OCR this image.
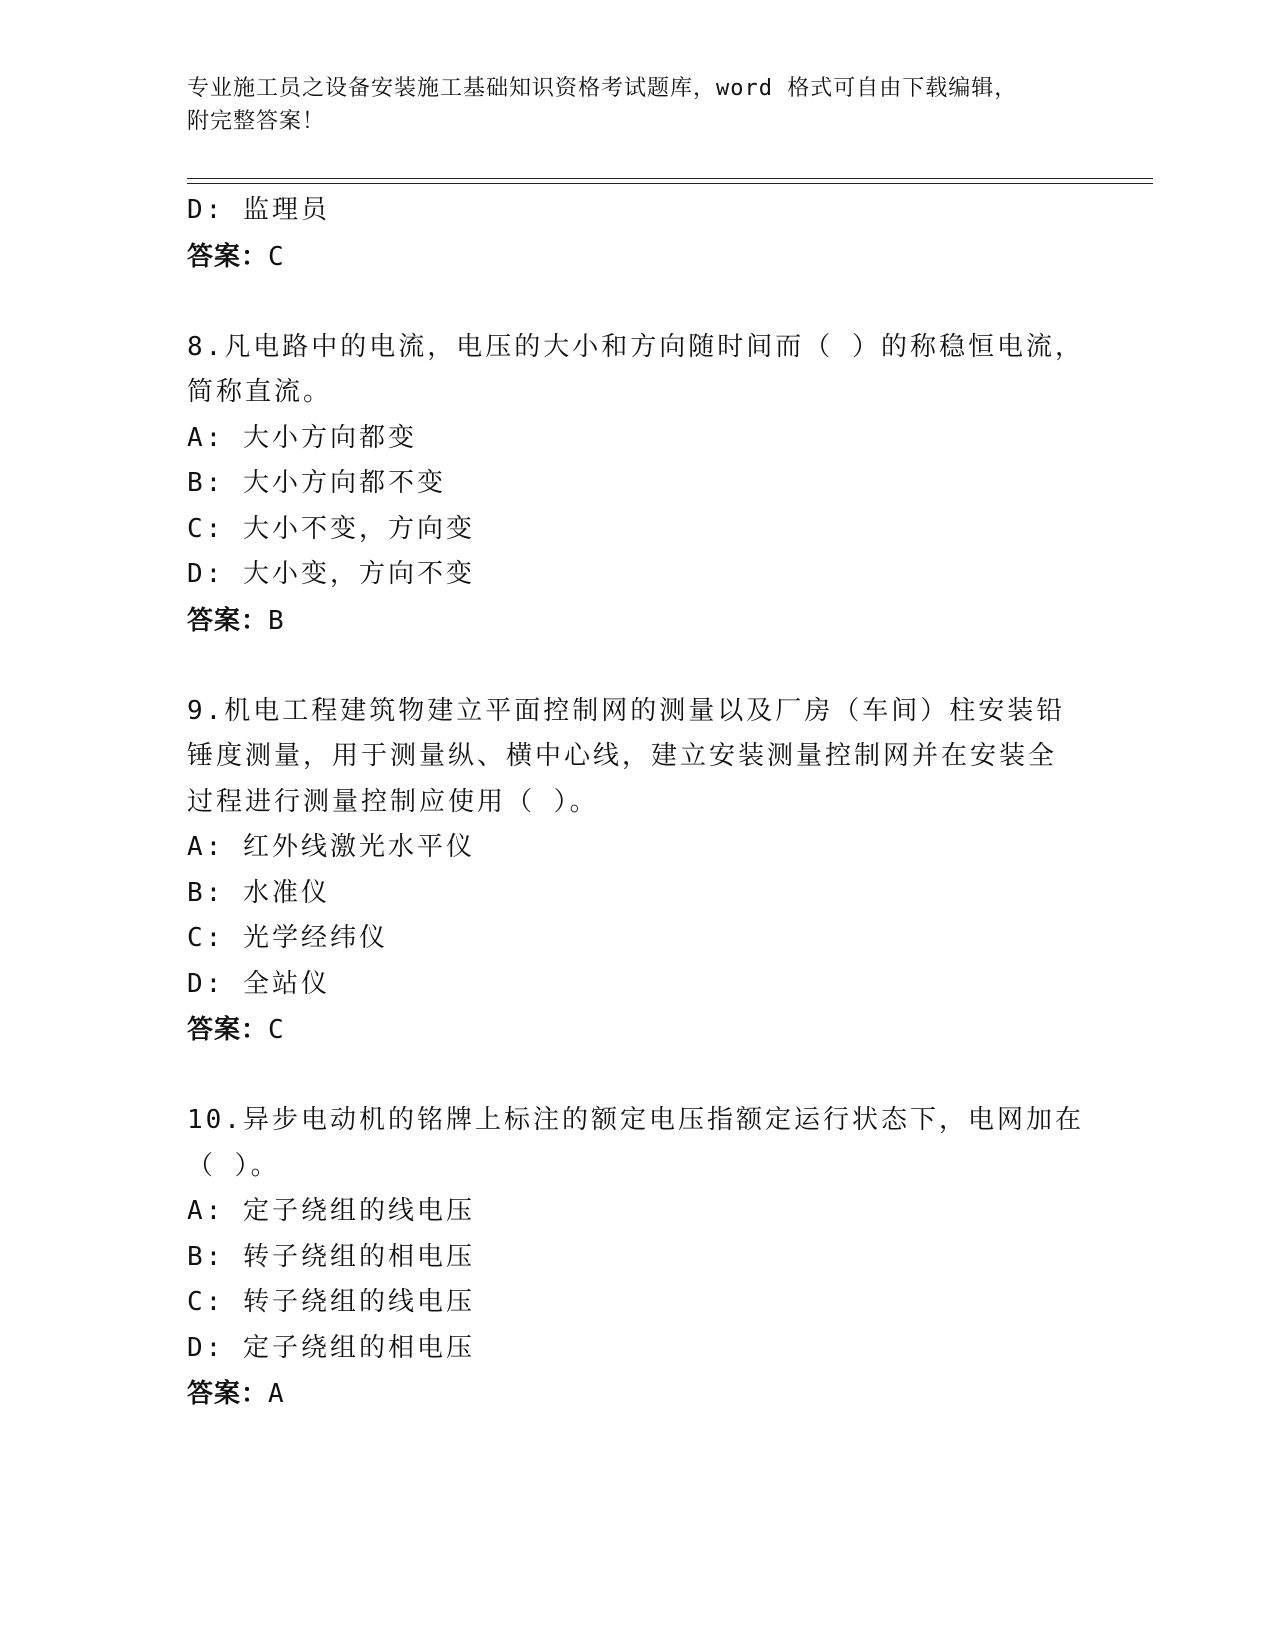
专业施工员之设备安装施工基础知识资格考试题库，word 格式可自由下载编辑，
附完整答案！
D: 监理员
答案：C
8.凡电路中的电流，电压的大小和方向随时间而（ ）的称稳恒电流，
简称直流。
A: 大小方向都变
B: 大小方向都不变
C: 大小不变，方向变
D: 大小变，方向不变
答案：B
9.机电工程建筑物建立平面控制网的测量以及厂房（车间）柱安装铅
锤度测量，用于测量纵、横中心线，建立安装测量控制网并在安装全
过程进行测量控制应使用（ ）。
A: 红外线激光水平仪
B: 水准仪
C: 光学经纬仪
D: 全站仪
答案：C
10.异步电动机的铭牌上标注的额定电压指额定运行状态下，电网加在
（ ）。
A: 定子绕组的线电压
B: 转子绕组的相电压
C: 转子绕组的线电压
D: 定子绕组的相电压
答案：A
